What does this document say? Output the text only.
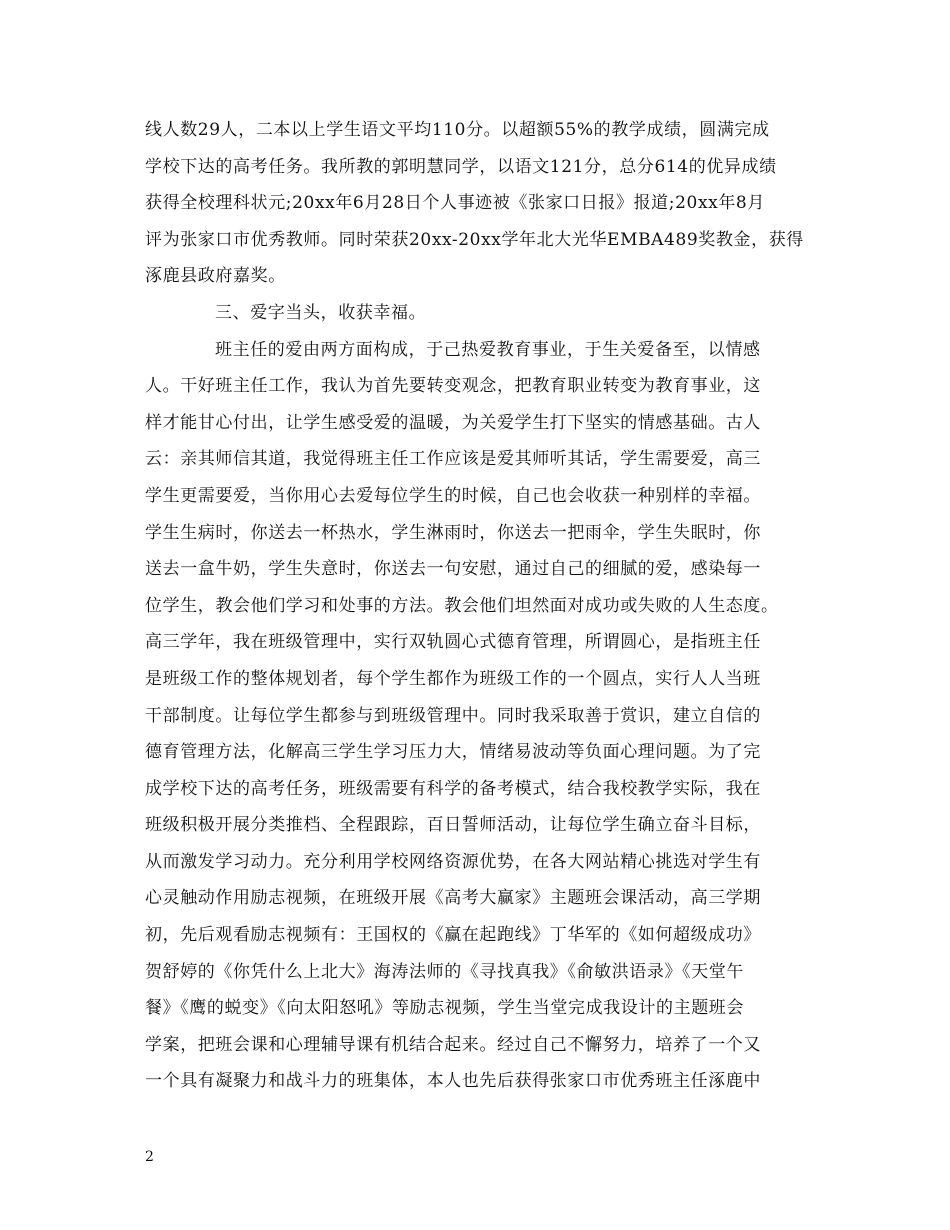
线人数29人，二本以上学生语文平均110分。以超额55%的教学成绩，圆满完成
学校下达的高考任务。我所教的郭明慧同学，以语文121分，总分614的优异成绩
获得全校理科状元;20xx年6月28日个人事迹被《张家口日报》报道;20xx年8月
评为张家口市优秀教师。同时荣获20xx-20xx学年北大光华EMBA489奖教金，获得
涿鹿县政府嘉奖。
三、爱字当头，收获幸福。
班主任的爱由两方面构成，于己热爱教育事业，于生关爱备至，以情感
人。干好班主任工作，我认为首先要转变观念，把教育职业转变为教育事业，这
样才能甘心付出，让学生感受爱的温暖，为关爱学生打下坚实的情感基础。古人
云：亲其师信其道，我觉得班主任工作应该是爱其师听其话，学生需要爱，高三
学生更需要爱，当你用心去爱每位学生的时候，自己也会收获一种别样的幸福。
学生生病时，你送去一杯热水，学生淋雨时，你送去一把雨伞，学生失眠时，你
送去一盒牛奶，学生失意时，你送去一句安慰，通过自己的细腻的爱，感染每一
位学生，教会他们学习和处事的方法。教会他们坦然面对成功或失败的人生态度。
高三学年，我在班级管理中，实行双轨圆心式德育管理，所谓圆心，是指班主任
是班级工作的整体规划者，每个学生都作为班级工作的一个圆点，实行人人当班
干部制度。让每位学生都参与到班级管理中。同时我采取善于赏识，建立自信的
德育管理方法，化解高三学生学习压力大，情绪易波动等负面心理问题。为了完
成学校下达的高考任务，班级需要有科学的备考模式，结合我校教学实际，我在
班级积极开展分类推档、全程跟踪，百日誓师活动，让每位学生确立奋斗目标，
从而激发学习动力。充分利用学校网络资源优势，在各大网站精心挑选对学生有
心灵触动作用励志视频，在班级开展《高考大赢家》主题班会课活动，高三学期
初，先后观看励志视频有：王国权的《赢在起跑线》丁华军的《如何超级成功》
贺舒婷的《你凭什么上北大》海涛法师的《寻找真我》《俞敏洪语录》《天堂午
餐》《鹰的蜕变》《向太阳怒吼》等励志视频，学生当堂完成我设计的主题班会
学案，把班会课和心理辅导课有机结合起来。经过自己不懈努力，培养了一个又
一个具有凝聚力和战斗力的班集体，本人也先后获得张家口市优秀班主任涿鹿中
2
